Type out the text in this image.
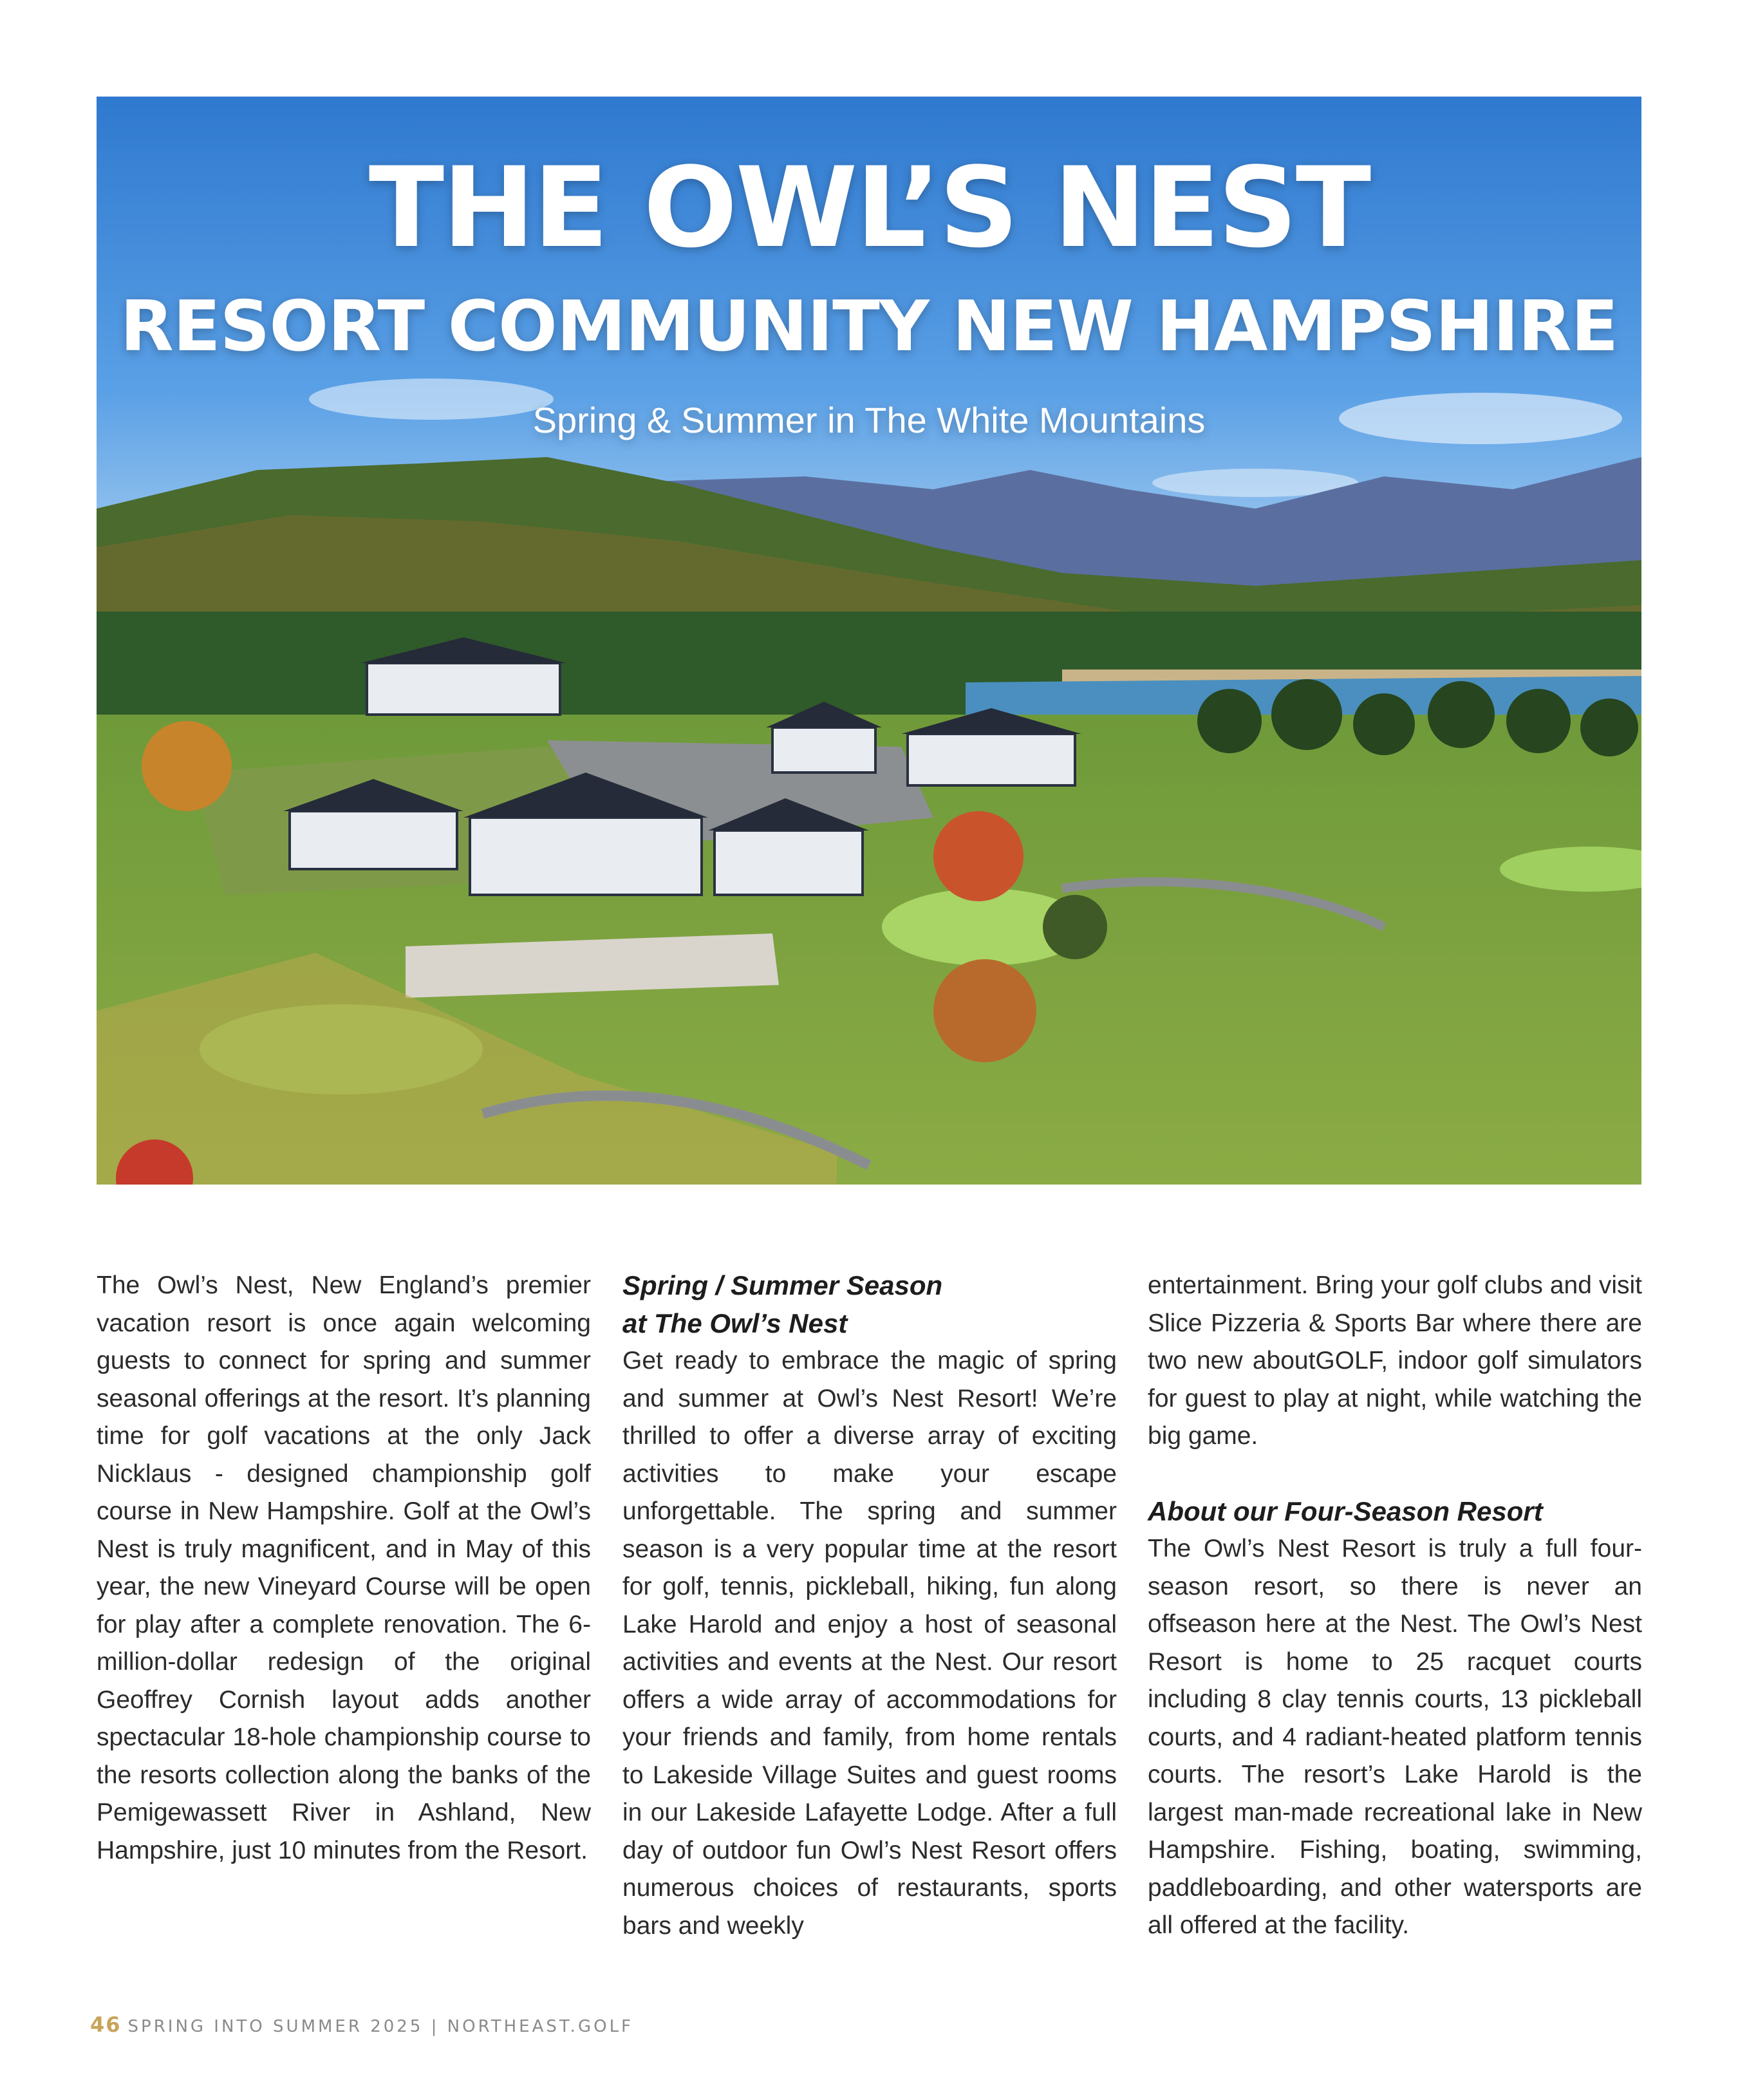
THE OWL’S NEST
RESORT COMMUNITY NEW HAMPSHIRE
Spring & Summer in The White Mountains
The Owl’s Nest, New England’s premier vacation resort is once again welcoming guests to connect for spring and summer seasonal offerings at the resort. It’s planning time for golf vacations at the only Jack Nicklaus - designed championship golf course in New Hampshire. Golf at the Owl’s Nest is truly magnificent, and in May of this year, the new Vineyard Course will be open for play after a complete renovation. The 6-million-dollar redesign of the original Geoffrey Cornish layout adds another spectacular 18-hole championship course to the resorts collection along the banks of the Pemigewassett River in Ashland, New Hampshire, just 10 minutes from the Resort.
Spring / Summer Season
at The Owl’s Nest
Get ready to embrace the magic of spring and summer at Owl’s Nest Resort! We’re thrilled to offer a diverse array of exciting activities to make your escape unforgettable. The spring and summer season is a very popular time at the resort for golf, tennis, pickleball, hiking, fun along Lake Harold and enjoy a host of seasonal activities and events at the Nest. Our resort offers a wide array of accommodations for your friends and family, from home rentals to Lakeside Village Suites and guest rooms in our Lakeside Lafayette Lodge. After a full day of outdoor fun Owl’s Nest Resort offers numerous choices of restaurants, sports bars and weekly
entertainment. Bring your golf clubs and visit Slice Pizzeria & Sports Bar where there are two new aboutGOLF, indoor golf simulators for guest to play at night, while watching the big game.
About our Four-Season Resort
The Owl’s Nest Resort is truly a full four-season resort, so there is never an offseason here at the Nest. The Owl’s Nest Resort is home to 25 racquet courts including 8 clay tennis courts, 13 pickleball courts, and 4 radiant-heated platform tennis courts. The resort’s Lake Harold is the largest man-made recreational lake in New Hampshire. Fishing, boating, swimming, paddleboarding, and other watersports are all offered at the facility.
46 SPRING INTO SUMMER 2025 | NORTHEAST.GOLF
